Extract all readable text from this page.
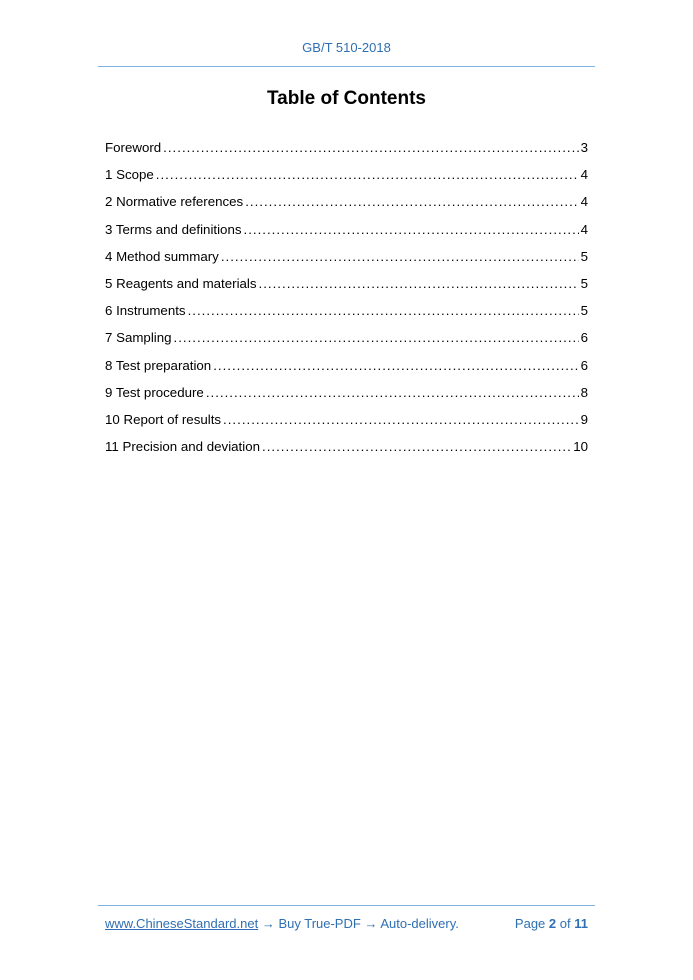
GB/T 510-2018
Table of Contents
Foreword .....	3
1 Scope .....	4
2 Normative references .....	4
3 Terms and definitions .....	4
4 Method summary .....	5
5 Reagents and materials .....	5
6 Instruments .....	5
7 Sampling .....	6
8 Test preparation .....	6
9 Test procedure .....	8
10 Report of results .....	9
11 Precision and deviation .....	10
www.ChineseStandard.net → Buy True-PDF → Auto-delivery.	Page 2 of 11
